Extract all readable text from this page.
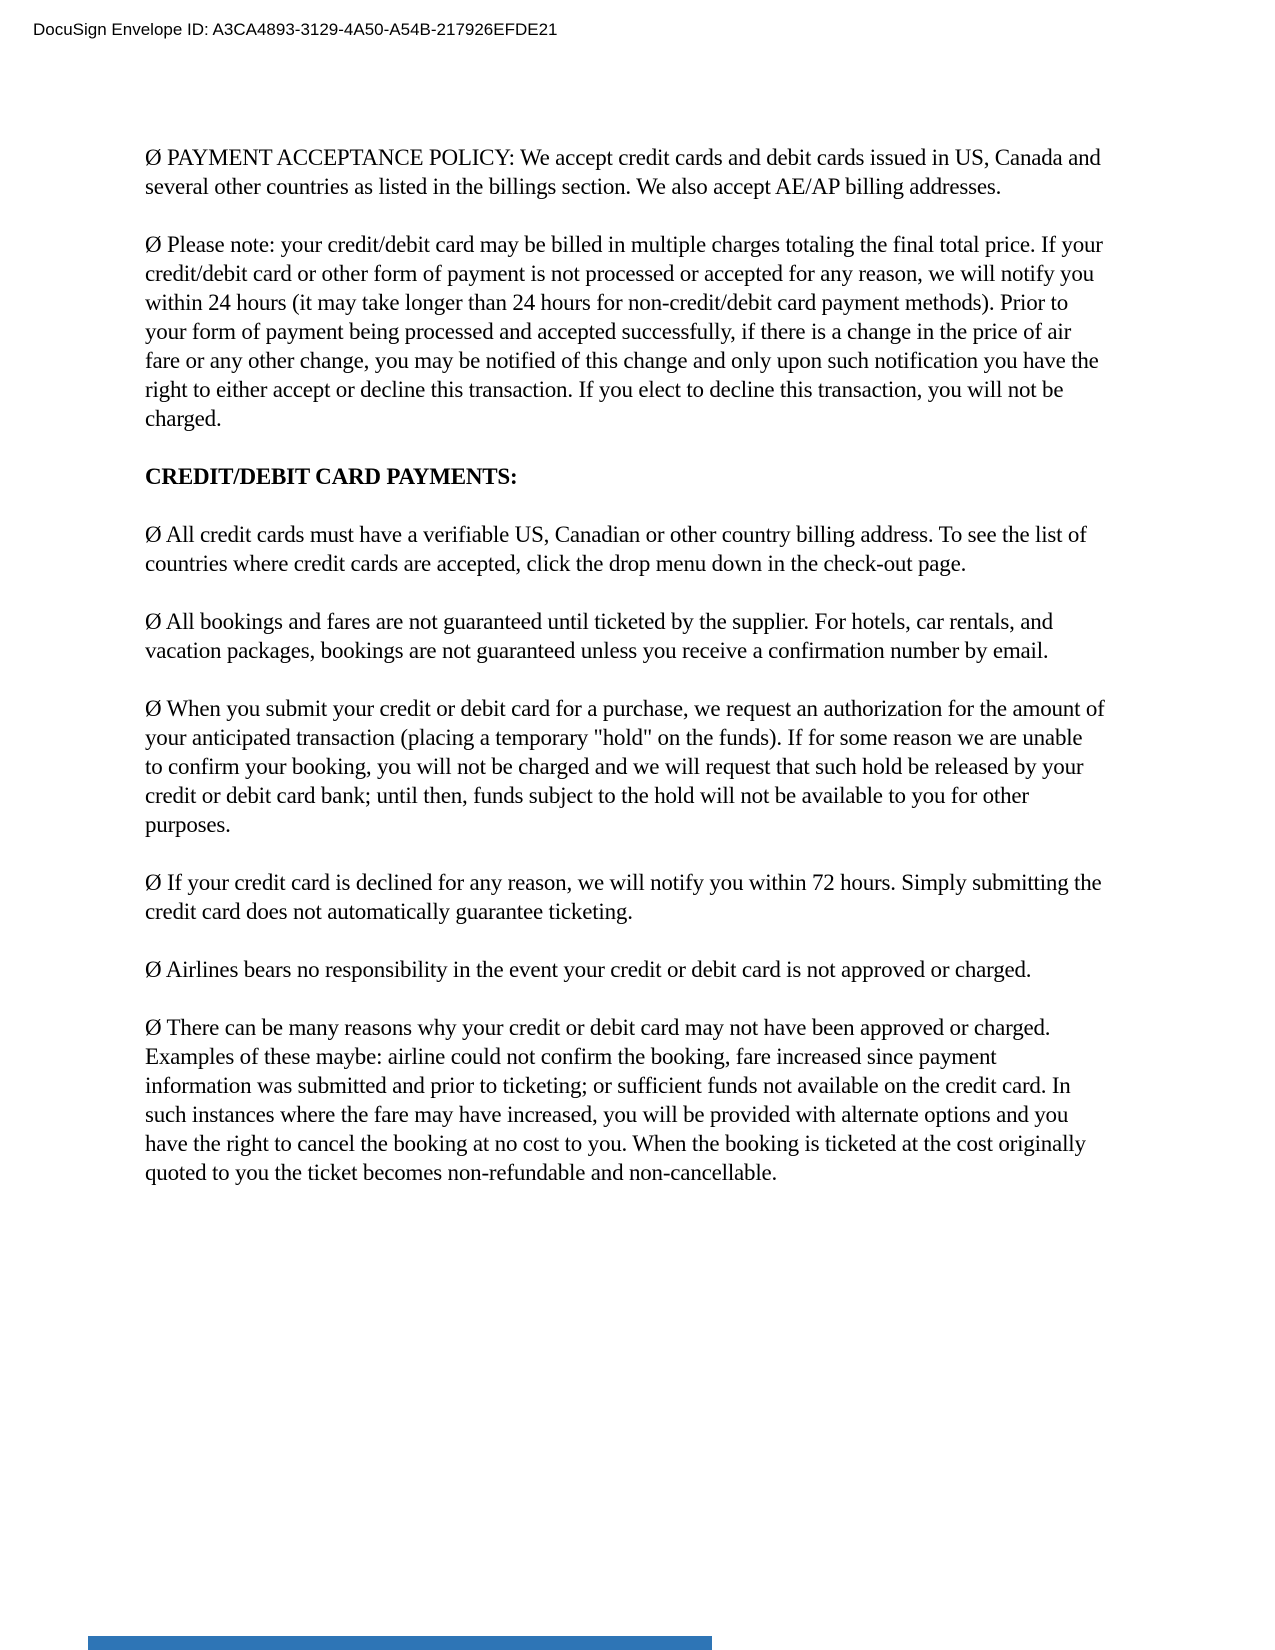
DocuSign Envelope ID: A3CA4893-3129-4A50-A54B-217926EFDE21

Ø PAYMENT ACCEPTANCE POLICY: We accept credit cards and debit cards issued in US, Canada and several other countries as listed in the billings section. We also accept AE/AP billing addresses.

Ø Please note: your credit/debit card may be billed in multiple charges totaling the final total price. If your credit/debit card or other form of payment is not processed or accepted for any reason, we will notify you within 24 hours (it may take longer than 24 hours for non-credit/debit card payment methods). Prior to your form of payment being processed and accepted successfully, if there is a change in the price of air fare or any other change, you may be notified of this change and only upon such notification you have the right to either accept or decline this transaction. If you elect to decline this transaction, you will not be charged.

CREDIT/DEBIT CARD PAYMENTS:

Ø All credit cards must have a verifiable US, Canadian or other country billing address. To see the list of countries where credit cards are accepted, click the drop menu down in the check-out page.

Ø All bookings and fares are not guaranteed until ticketed by the supplier. For hotels, car rentals, and vacation packages, bookings are not guaranteed unless you receive a confirmation number by email.

Ø When you submit your credit or debit card for a purchase, we request an authorization for the amount of your anticipated transaction (placing a temporary "hold" on the funds). If for some reason we are unable to confirm your booking, you will not be charged and we will request that such hold be released by your credit or debit card bank; until then, funds subject to the hold will not be available to you for other purposes.

Ø If your credit card is declined for any reason, we will notify you within 72 hours. Simply submitting the credit card does not automatically guarantee ticketing.

Ø Airlines bears no responsibility in the event your credit or debit card is not approved or charged.

Ø There can be many reasons why your credit or debit card may not have been approved or charged. Examples of these maybe: airline could not confirm the booking, fare increased since payment information was submitted and prior to ticketing; or sufficient funds not available on the credit card. In such instances where the fare may have increased, you will be provided with alternate options and you have the right to cancel the booking at no cost to you. When the booking is ticketed at the cost originally quoted to you the ticket becomes non-refundable and non-cancellable.
